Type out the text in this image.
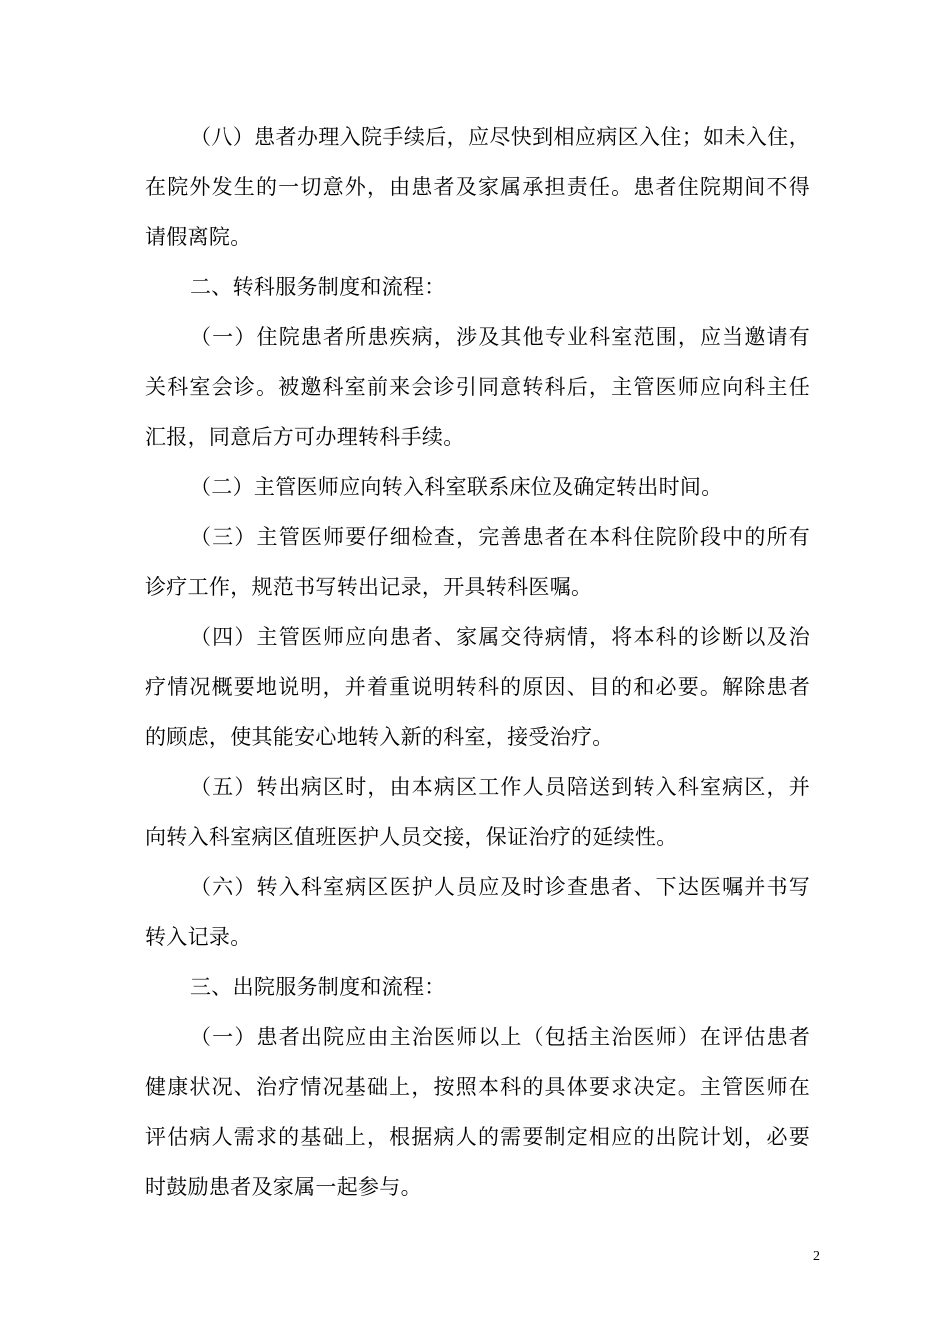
（八）患者办理入院手续后，应尽快到相应病区入住；如未入住，
在院外发生的一切意外，由患者及家属承担责任。患者住院期间不得
请假离院。
二、转科服务制度和流程：
（一）住院患者所患疾病，涉及其他专业科室范围，应当邀请有
关科室会诊。被邀科室前来会诊引同意转科后，主管医师应向科主任
汇报，同意后方可办理转科手续。
（二）主管医师应向转入科室联系床位及确定转出时间。
（三）主管医师要仔细检查，完善患者在本科住院阶段中的所有
诊疗工作，规范书写转出记录，开具转科医嘱。
（四）主管医师应向患者、家属交待病情，将本科的诊断以及治
疗情况概要地说明，并着重说明转科的原因、目的和必要。解除患者
的顾虑，使其能安心地转入新的科室，接受治疗。
（五）转出病区时，由本病区工作人员陪送到转入科室病区，并
向转入科室病区值班医护人员交接，保证治疗的延续性。
（六）转入科室病区医护人员应及时诊查患者、下达医嘱并书写
转入记录。
三、出院服务制度和流程：
（一）患者出院应由主治医师以上（包括主治医师）在评估患者
健康状况、治疗情况基础上，按照本科的具体要求决定。主管医师在
评估病人需求的基础上，根据病人的需要制定相应的出院计划，必要
时鼓励患者及家属一起参与。
2
